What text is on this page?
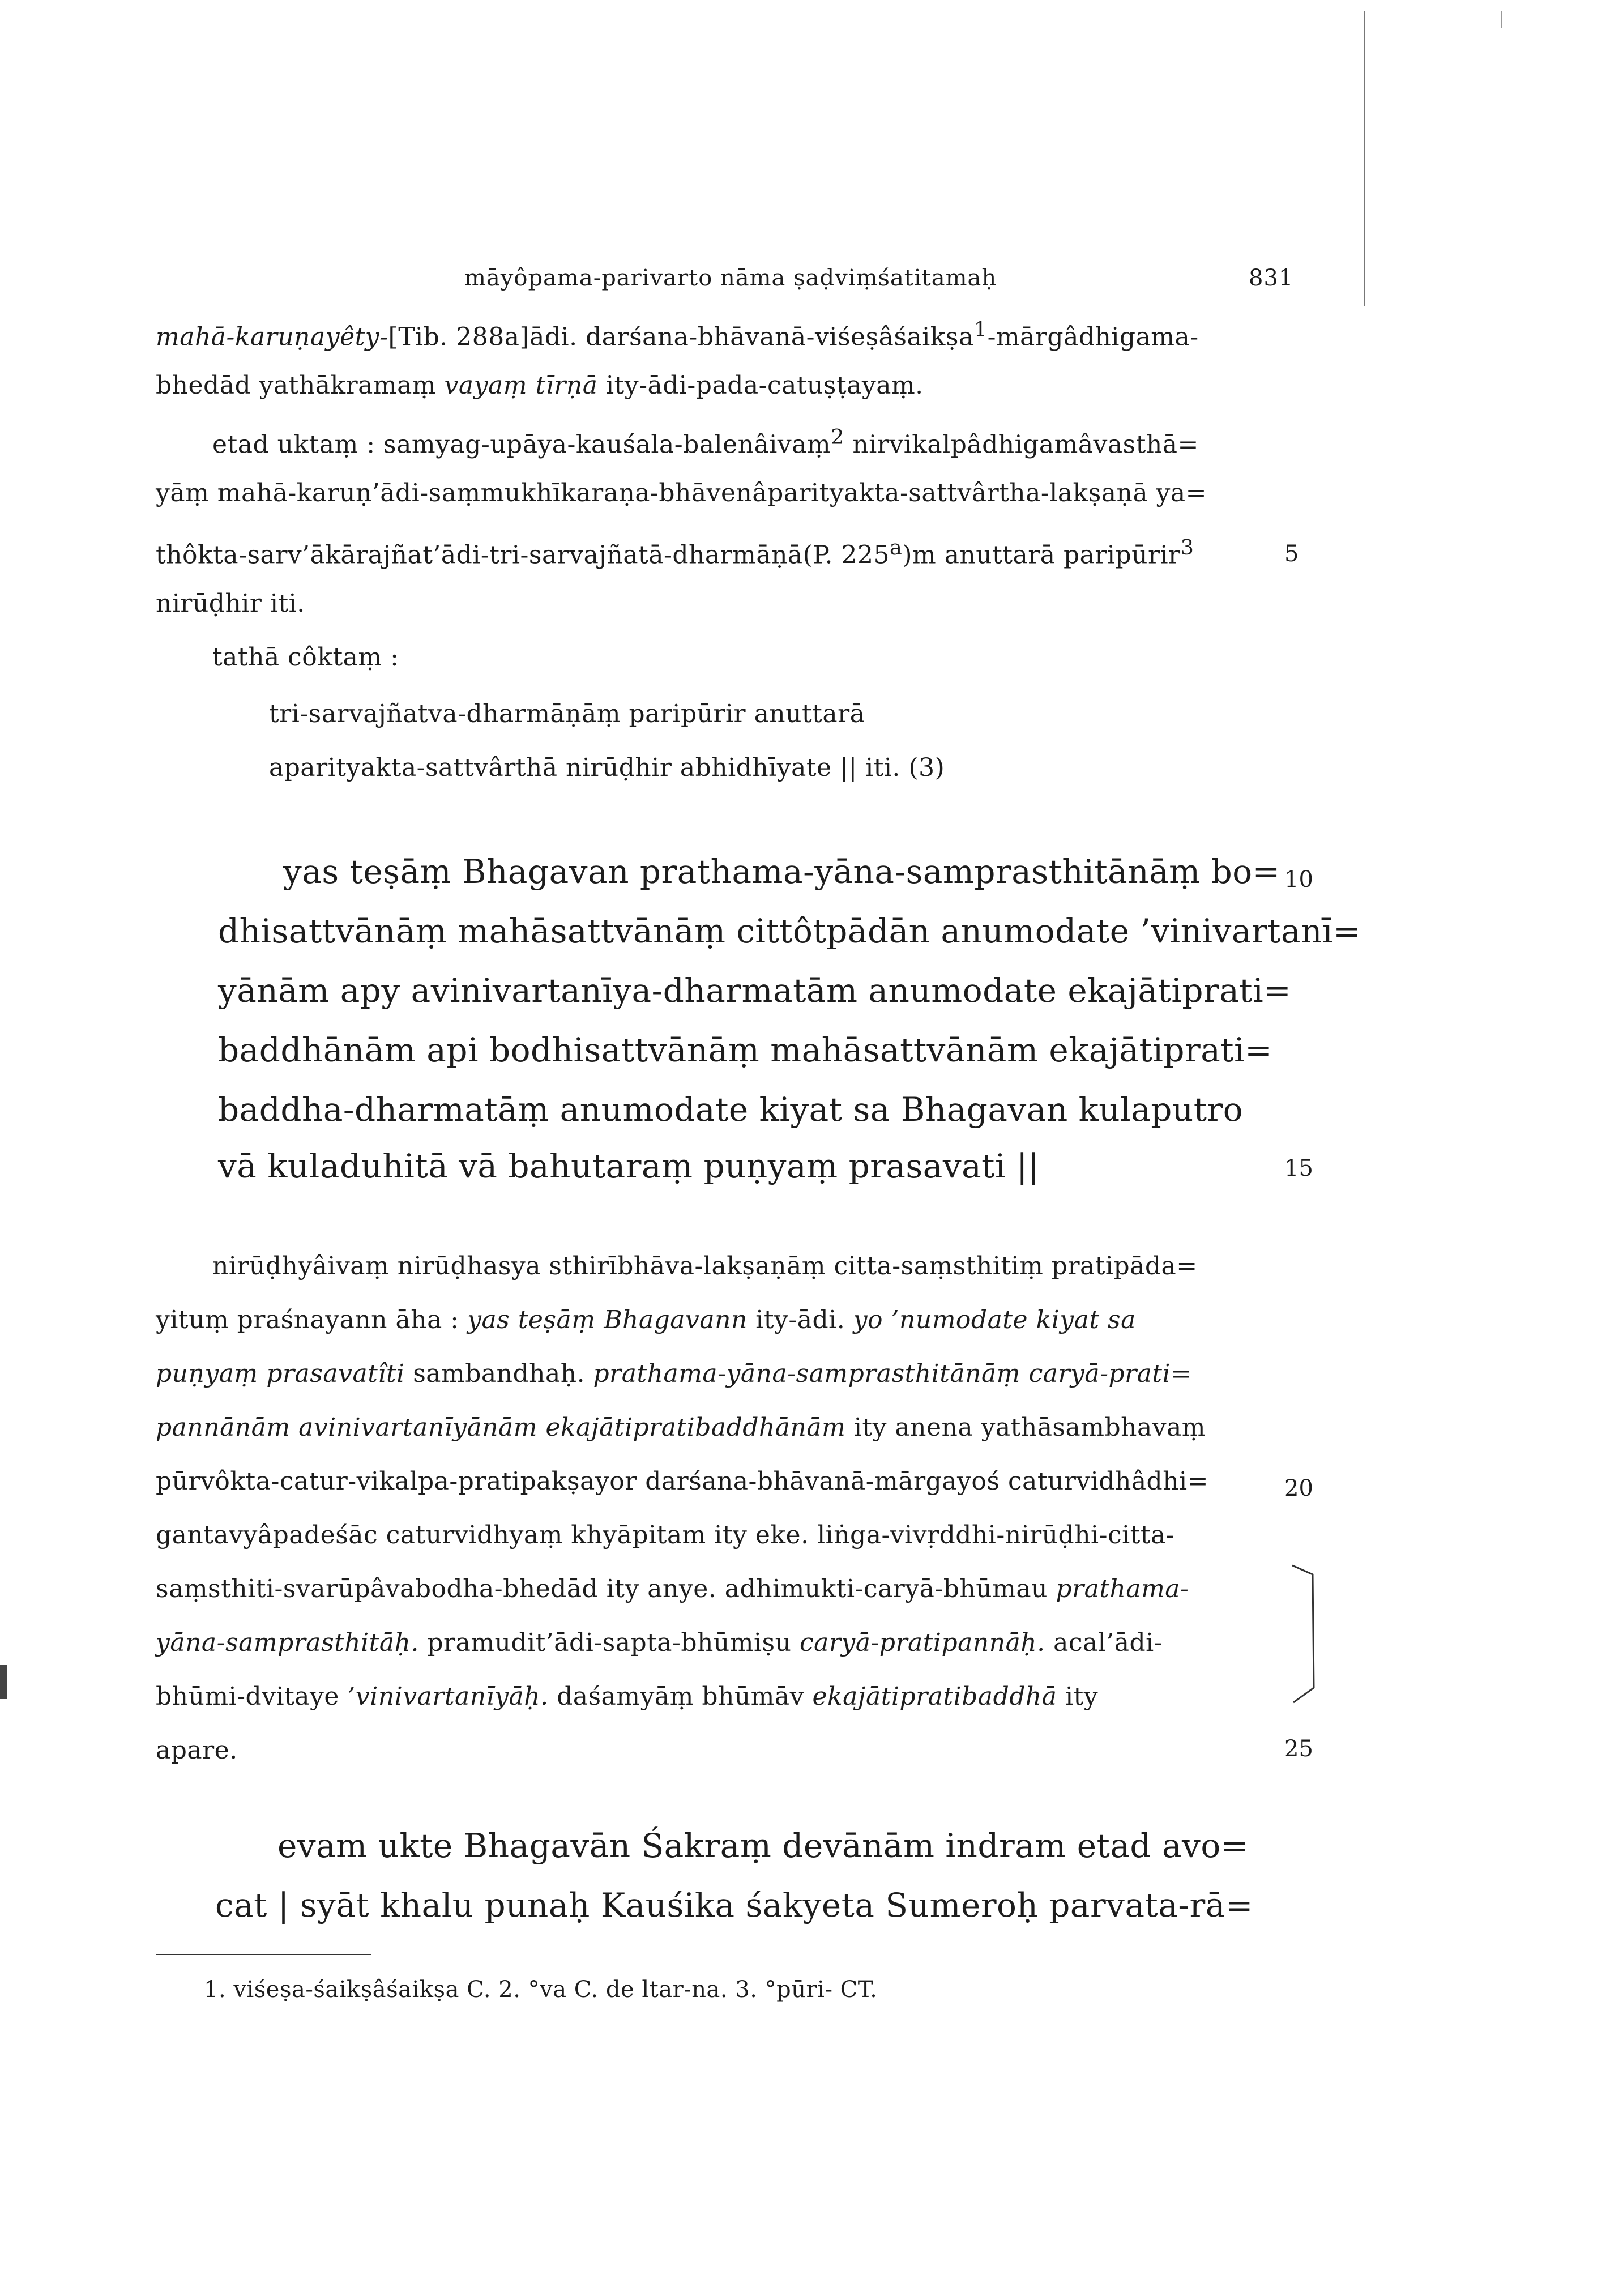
māyôpama-parivarto nāma ṣaḍviṃśatitamaḥ	831
mahā-karuṇayêty-[Tib. 288a]ādi. darśana-bhāvanā-viśeṣâśaikṣa$^1$-mārgâdhigama-
bhedād yathākramaṃ vayaṃ tīrṇā ity-ādi-pada-catuṣṭayaṃ.
etad uktaṃ : samyag-upāya-kauśala-balenâivaṃ$^2$ nirvikalpâdhigamâvasthā=
yāṃ mahā-karuṇ’ādi-saṃmukhīkaraṇa-bhāvenâparityakta-sattvârtha-lakṣaṇā ya=
thôkta-sarv’ākārajñat’ādi-tri-sarvajñatā-dharmāṇā(P. 225$^a$)m anuttarā paripūrir$^3$
nirūḍhir iti.
tathā côktaṃ :
tri-sarvajñatva-dharmāṇāṃ paripūrir anuttarā
aparityakta-sattvârthā nirūḍhir abhidhīyate || iti. (3)
yas teṣāṃ Bhagavan prathama-yāna-samprasthitānāṃ bo=
dhisattvānāṃ mahāsattvānāṃ cittôtpādān anumodate ’vinivartanī=
yānām apy avinivartanīya-dharmatām anumodate ekajātiprati=
baddhānām api bodhisattvānāṃ mahāsattvānām ekajātiprati=
baddha-dharmatāṃ anumodate kiyat sa Bhagavan kulaputro
vā kuladuhitā vā bahutaraṃ puṇyaṃ prasavati ||
nirūḍhyâivaṃ nirūḍhasya sthirībhāva-lakṣaṇāṃ citta-saṃsthitiṃ pratipāda=
yituṃ praśnayann āha : yas teṣāṃ Bhagavann ity-ādi. yo ’numodate kiyat sa
puṇyaṃ prasavatîti sambandhaḥ. prathama-yāna-samprasthitānāṃ caryā-prati=
pannānām avinivartanīyānām ekajātipratibaddhānām ity anena yathāsambhavaṃ
pūrvôkta-catur-vikalpa-pratipakṣayor darśana-bhāvanā-mārgayoś caturvidhâdhi=
gantavyâpadeśāc caturvidhyaṃ khyāpitam ity eke. liṅga-vivṛddhi-nirūḍhi-citta-
saṃsthiti-svarūpâvabodha-bhedād ity anye. adhimukti-caryā-bhūmau prathama-
yāna-samprasthitāḥ. pramudit’ādi-sapta-bhūmiṣu caryā-pratipannāḥ. acal’ādi-
bhūmi-dvitaye ’vinivartanīyāḥ. daśamyāṃ bhūmāv ekajātipratibaddhā ity
apare.
evam ukte Bhagavān Śakraṃ devānām indram etad avo=
cat | syāt khalu punaḥ Kauśika śakyeta Sumeroḥ parvata-rā=
5
10
15
20
25
1. viśeṣa-śaikṣâśaikṣa C. 2. °va C. de ltar-na. 3. °pūri- CT.
